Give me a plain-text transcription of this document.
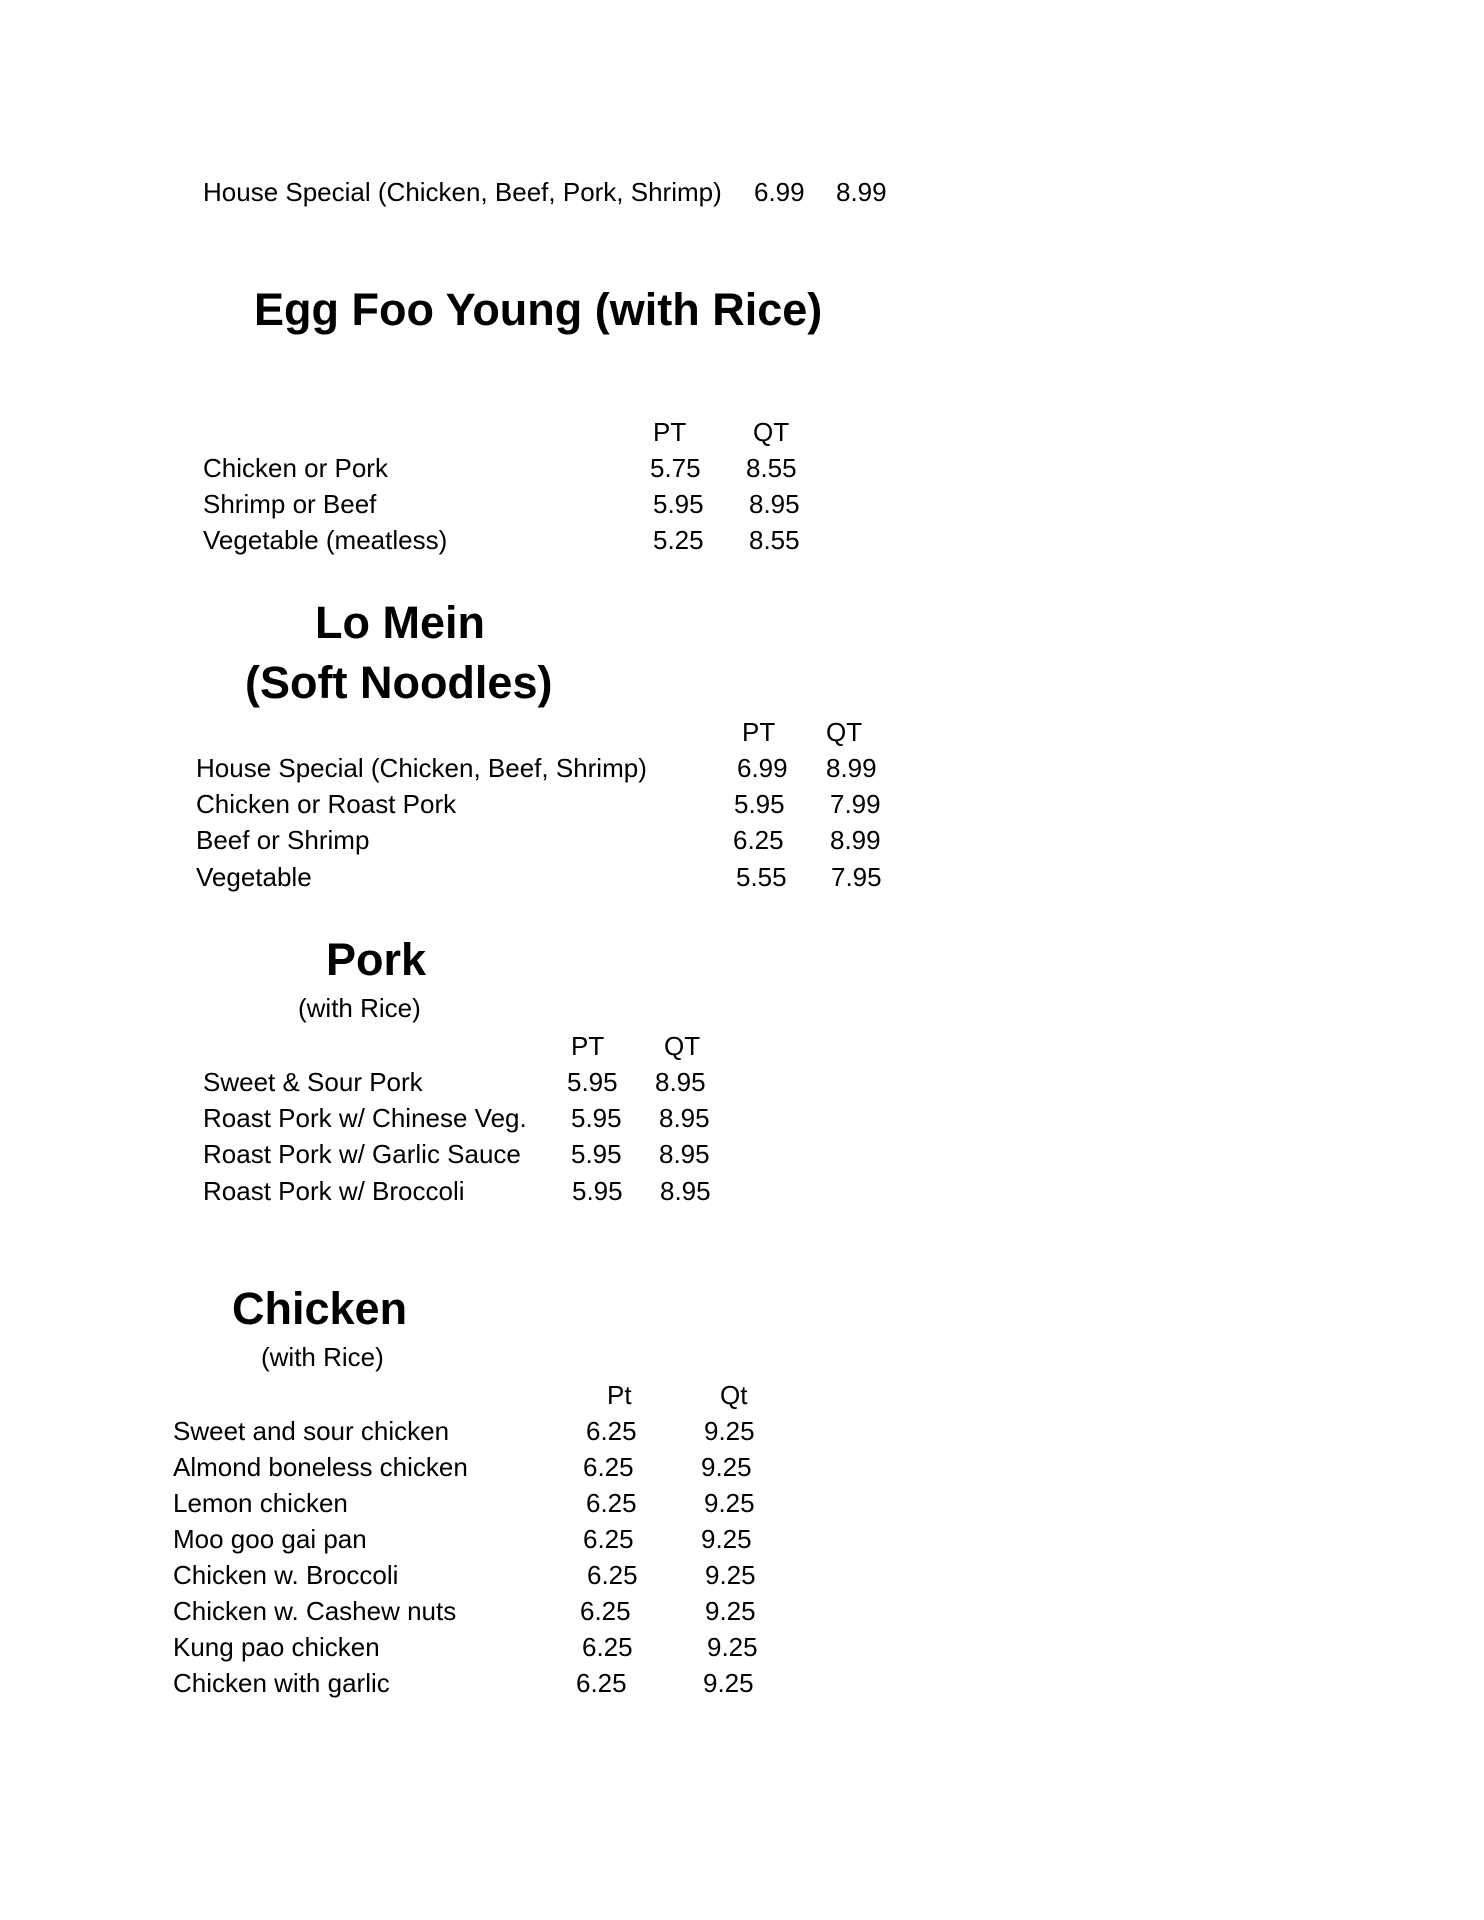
House Special (Chicken, Beef, Pork, Shrimp) 6.99 8.99
Egg Foo Young (with Rice)
PT	QT
Chicken or Pork	5.75 8.55
Shrimp or Beef	5.95 8.95
Vegetable (meatless)	5.25 8.55
Lo Mein
(Soft Noodles)
PT QT
House Special (Chicken, Beef, Shrimp)	6.99 8.99
Chicken or Roast Pork	5.95 7.99
Beef or Shrimp	6.25 8.99
Vegetable	5.55 7.95
Pork
(with Rice)
PT QT
Sweet & Sour Pork	5.95 8.95
Roast Pork w/ Chinese Veg. 5.95 8.95
Roast Pork w/ Garlic Sauce 5.95 8.95
Roast Pork w/ Broccoli	5.95 8.95
Chicken
(with Rice)
Pt	Qt
Sweet and sour chicken	6.25	9.25
Almond boneless chicken	6.25	9.25
Lemon chicken	6.25	9.25
Moo goo gai pan	6.25	9.25
Chicken w. Broccoli	6.25	9.25
Chicken w. Cashew nuts	6.25	9.25
Kung pao chicken	6.25	9.25
Chicken with garlic	6.25	9.25
